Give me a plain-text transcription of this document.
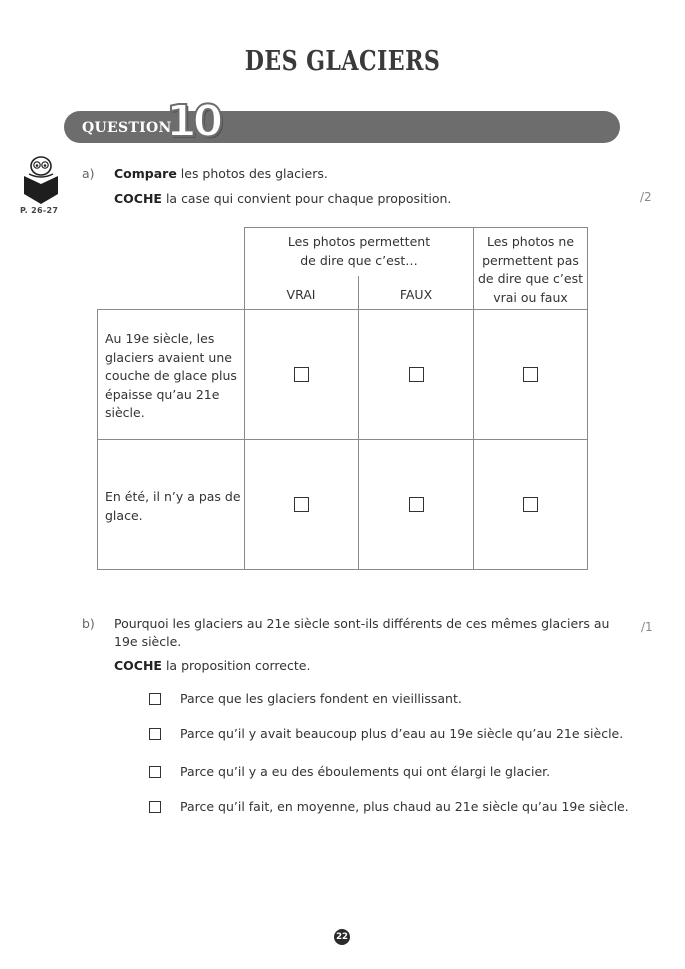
DES GLACIERS
QUESTION
10
P. 26-27
a) Compare les photos des glaciers.
COCHE la case qui convient pour chaque proposition.	/2
Les photos permettent
de dire que c’est…
VRAI	FAUX
Les photos ne
permettent pas
de dire que c’est
vrai ou faux
Au 19e siècle, les
glaciers avaient une
couche de glace plus
épaisse qu’au 21e
siècle.
En été, il n’y a pas de
glace.
b) Pourquoi les glaciers au 21e siècle sont-ils différents de ces mêmes glaciers au
19e siècle.
/1
COCHE la proposition correcte.
Parce que les glaciers fondent en vieillissant.
Parce qu’il y avait beaucoup plus d’eau au 19e siècle qu’au 21e siècle.
Parce qu’il y a eu des éboulements qui ont élargi le glacier.
Parce qu’il fait, en moyenne, plus chaud au 21e siècle qu’au 19e siècle.
22
